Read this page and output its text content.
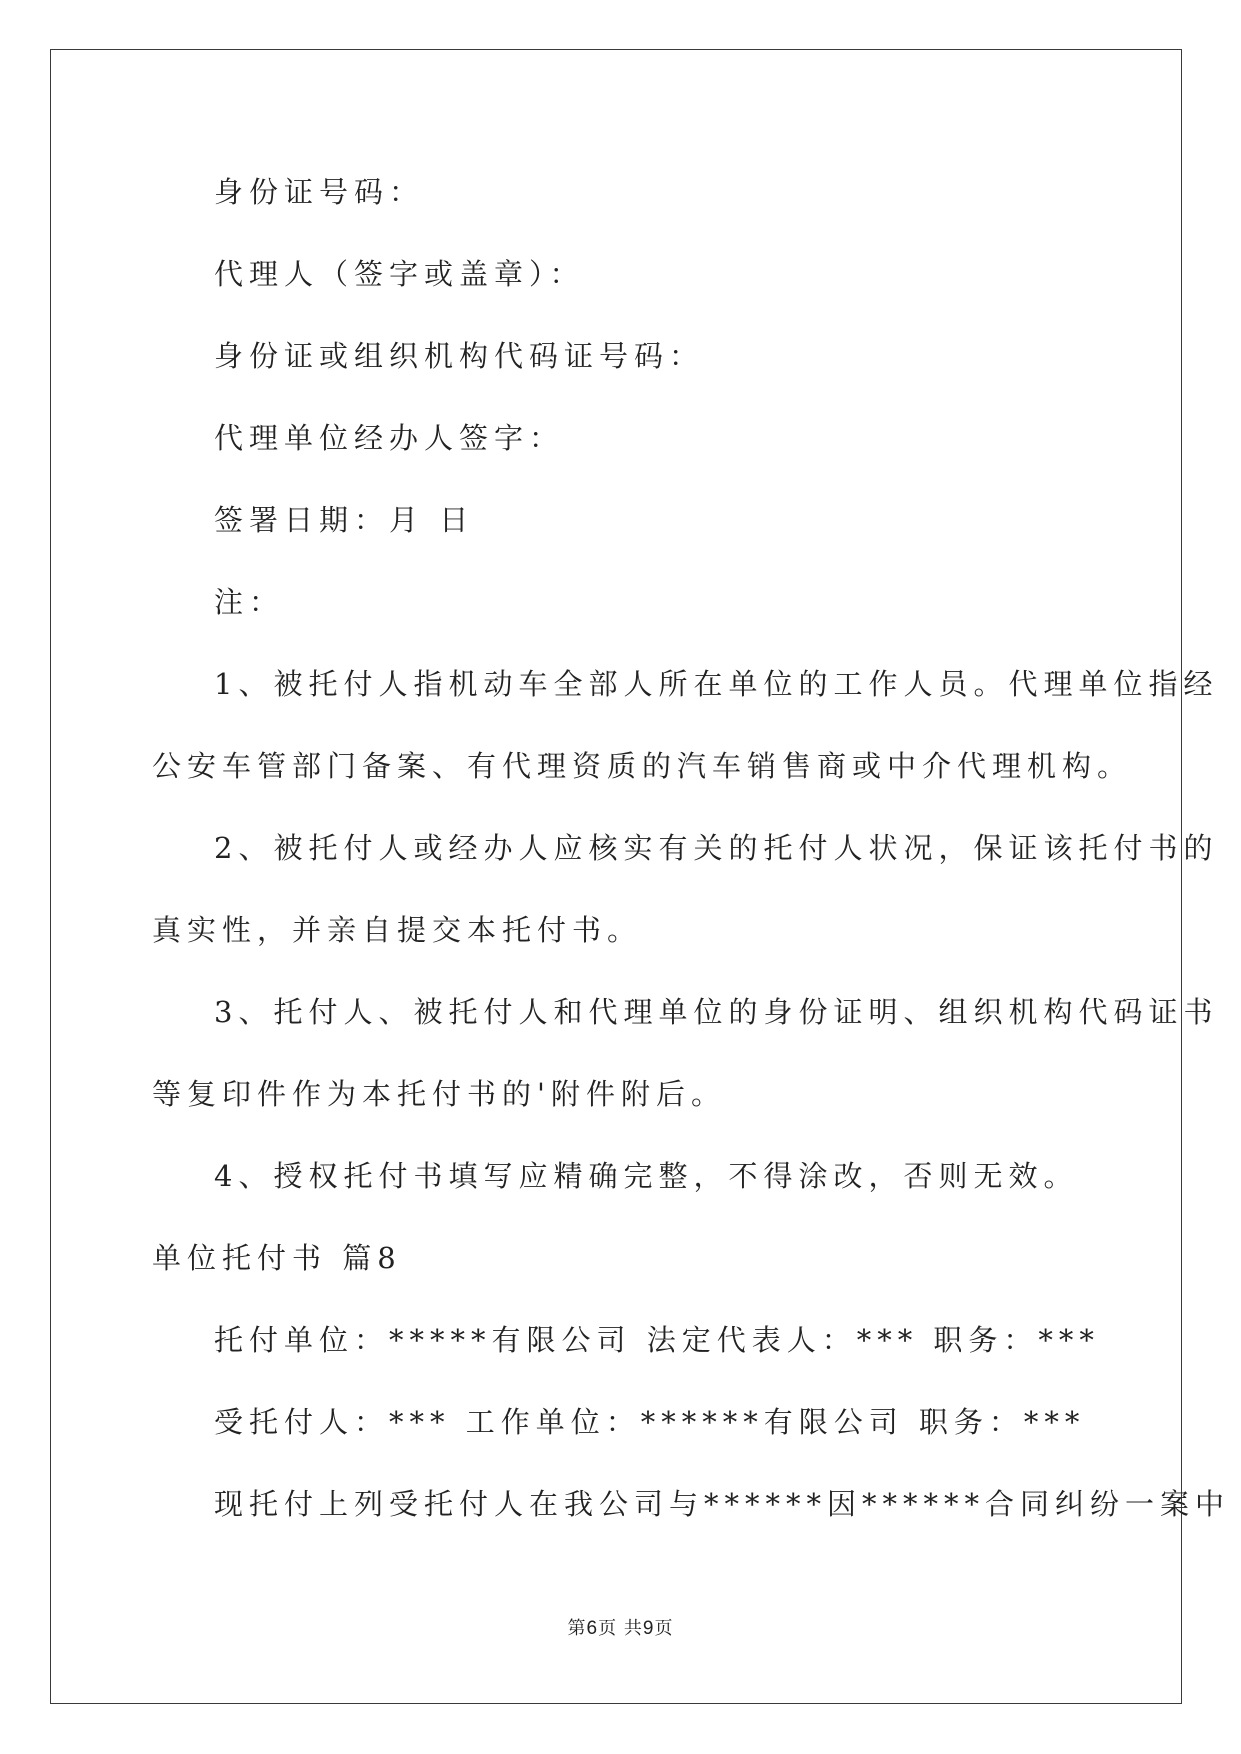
身份证号码：
代理人（签字或盖章）：
身份证或组织机构代码证号码：
代理单位经办人签字：
签署日期：月 日
注：
1、被托付人指机动车全部人所在单位的工作人员。代理单位指经
公安车管部门备案、有代理资质的汽车销售商或中介代理机构。
2、被托付人或经办人应核实有关的托付人状况，保证该托付书的
真实性，并亲自提交本托付书。
3、托付人、被托付人和代理单位的身份证明、组织机构代码证书
等复印件作为本托付书的'附件附后。
4、授权托付书填写应精确完整，不得涂改，否则无效。
单位托付书 篇8
托付单位：*****有限公司 法定代表人：*** 职务：***
受托付人：*** 工作单位：******有限公司 职务：***
现托付上列受托付人在我公司与******因******合同纠纷一案中
第6页 共9页
